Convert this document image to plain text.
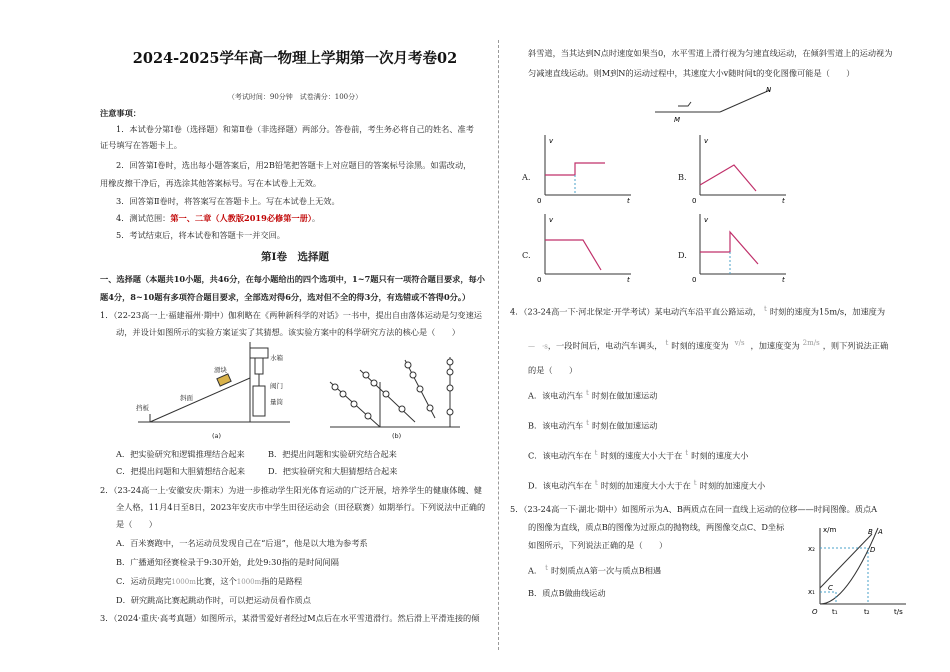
2024-2025学年高一物理上学期第一次月考卷02
（考试时间：90分钟　试卷满分：100分）
注意事项：
1．本试卷分第Ⅰ卷（选择题）和第Ⅱ卷（非选择题）两部分。答卷前，考生务必将自己的姓名、准考
证号填写在答题卡上。
2．回答第Ⅰ卷时，选出每小题答案后，用2B铅笔把答题卡上对应题目的答案标号涂黑。如需改动，
用橡皮擦干净后，再选涂其他答案标号。写在本试卷上无效。
3．回答第Ⅱ卷时，将答案写在答题卡上。写在本试卷上无效。
4．测试范围：第一、二章（人教版2019必修第一册）。
5．考试结束后，将本试卷和答题卡一并交回。
第Ⅰ卷　选择题
一、选择题（本题共10小题，共46分，在每小题给出的四个选项中，1~7题只有一项符合题目要求，每小
题4分，8~10题有多项符合题目要求，全部选对得6分，选对但不全的得3分，有选错或不答得0分。）
1．（22-23高一上·福建福州·期中）伽利略在《两种新科学的对话》一书中，提出自由落体运动是匀变速运
动，并设计如图所示的实验方案证实了其猜想。该实验方案中的科学研究方法的核心是（　　）
水箱
阀门
量筒
滑块
斜面
挡板
(a)	(b)
A．把实验研究和逻辑推理结合起来	B．把提出问题和实验研究结合起来
C．把提出问题和大胆猜想结合起来	D．把实验研究和大胆猜想结合起来
2．（23-24高一上·安徽安庆·期末）为进一步推动学生阳光体育运动的广泛开展，培养学生的健康体魄、健
全人格，11月4日至8日，2023年安庆市中学生田径运动会（田径联赛）如期举行。下列说法中正确的
是（　　）
A．百米赛跑中，一名运动员发现自己在“后退”，他是以大地为参考系
B．广播通知径赛检录于9:30开始，此处9:30指的是时间间隔
C．运动员跑完1000m比赛，这个1000m指的是路程
D．研究跳高比赛起跳动作时，可以把运动员看作质点
3．（2024·重庆·高考真题）如图所示，某滑雪爱好者经过M点后在水平雪道滑行。然后滑上平滑连接的倾
斜雪道，当其达到N点时速度如果当0，水平雪道上滑行视为匀速直线运动，在倾斜雪道上的运动视为
匀减速直线运动。则M到N的运动过程中，其速度大小v随时间t的变化图像可能是（　　）
M
N
A.
v
t
0
B.
v
t
0
C.
v
t
0
D.
v
t
0
4．（23-24高一下·河北保定·开学考试）某电动汽车沿平直公路运动， $^t$ 时刻的速度为15m/s，加速度为
—　·s，一段时间后，电动汽车调头， $^t$ 时刻的速度变为 $^{v/s}$ ，加速度变为 $^{2m/s}$ ，则下列说法正确
的是（　　）
A．该电动汽车 $^t$ 时刻在做加速运动
B．该电动汽车 $^t$ 时刻在做加速运动
C．该电动汽车在 $^t$ 时刻的速度大小大于在 $^t$ 时刻的速度大小
D．该电动汽车在 $^t$ 时刻的加速度大小大于在 $^t$ 时刻的加速度大小
5．（23-24高一下·湖北·期中）如图所示为A、B两质点在同一直线上运动的位移——时间图像。质点A
的图像为直线，质点B的图像为过原点的抛物线，两图像交点C、D坐标
如图所示，下列说法正确的是（　　）
A． $^t$ 时刻质点A第一次与质点B相遇
B．质点B做曲线运动
x/m
t/s
x₂
x₁
t₁	t₂
B A
D
C
O
